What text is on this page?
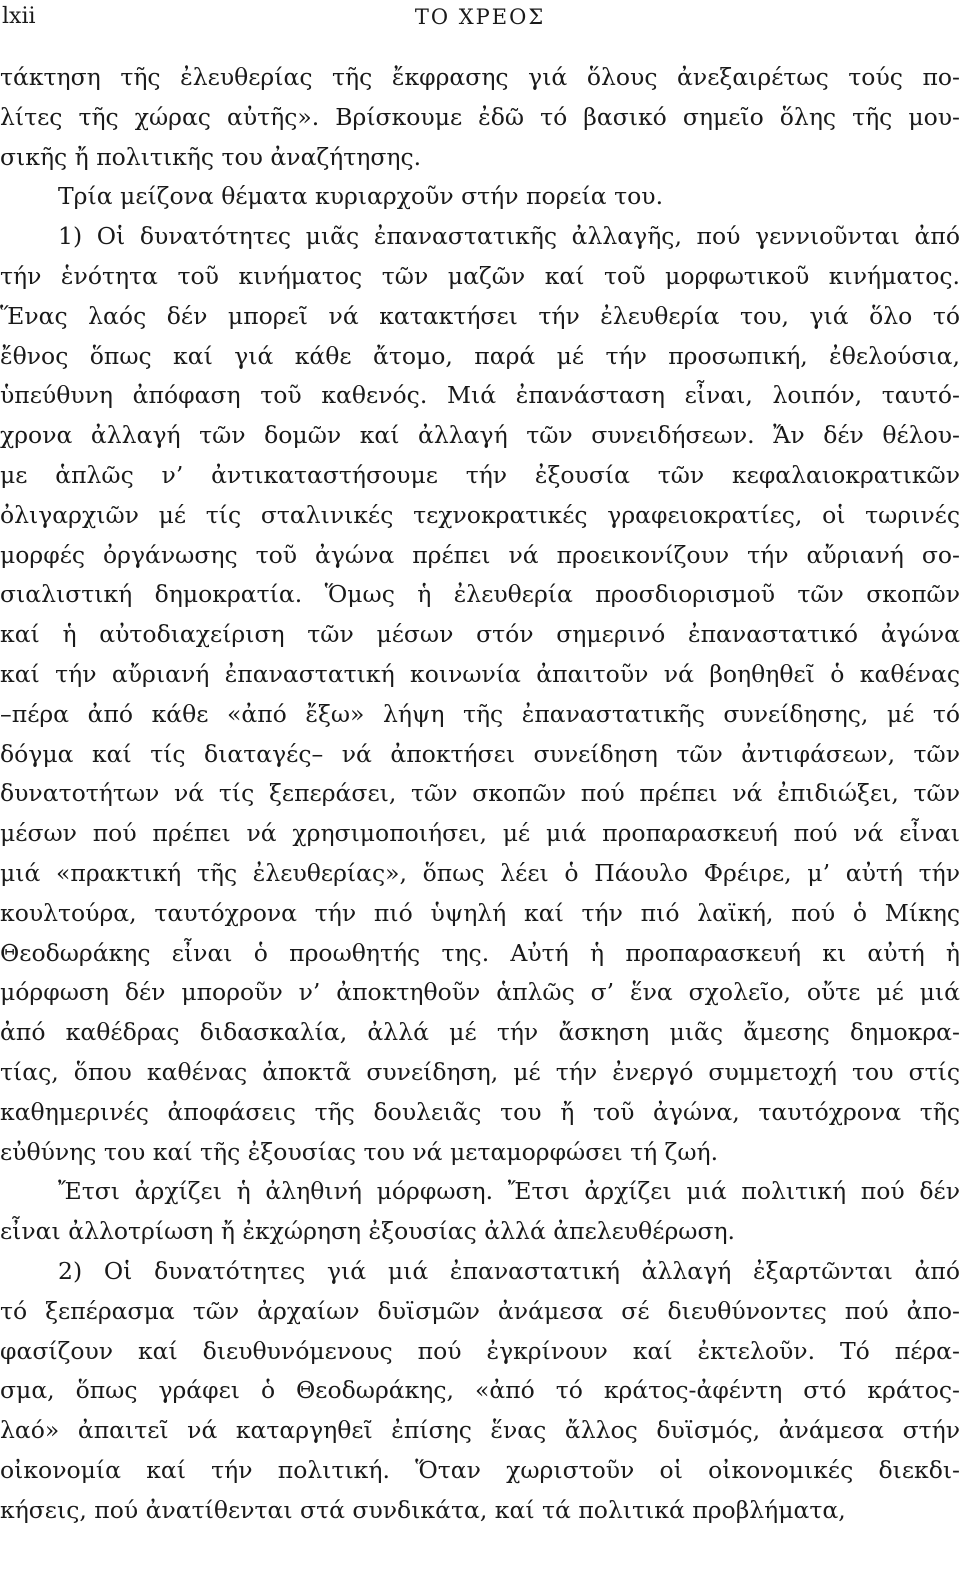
lxii	ΤΟ ΧΡΕΟΣ
τάκτηση τῆς ἐλευθερίας τῆς ἔκφρασης γιά ὅλους ἀνεξαιρέτως τούς πο-
λίτες τῆς χώρας αὐτῆς». Βρίσκουμε ἐδῶ τό βασικό σημεῖο ὅλης τῆς μου-
σικῆς ἤ πολιτικῆς του ἀναζήτησης.
Τρία μείζονα θέματα κυριαρχοῦν στήν πορεία του.
1) Οἱ δυνατότητες μιᾶς ἐπαναστατικῆς ἀλλαγῆς, πού γεννιοῦνται ἀπό
τήν ἑνότητα τοῦ κινήματος τῶν μαζῶν καί τοῦ μορφωτικοῦ κινήματος.
Ἕνας λαός δέν μπορεῖ νά κατακτήσει τήν ἐλευθερία του, γιά ὅλο τό
ἔθνος ὅπως καί γιά κάθε ἄτομο, παρά μέ τήν προσωπική, ἐθελούσια,
ὑπεύθυνη ἀπόφαση τοῦ καθενός. Μιά ἐπανάσταση εἶναι, λοιπόν, ταυτό-
χρονα ἀλλαγή τῶν δομῶν καί ἀλλαγή τῶν συνειδήσεων. Ἄν δέν θέλου-
με ἁπλῶς ν’ ἀντικαταστήσουμε τήν ἐξουσία τῶν κεφαλαιοκρατικῶν
ὀλιγαρχιῶν μέ τίς σταλινικές τεχνοκρατικές γραφειοκρατίες, οἱ τωρινές
μορφές ὀργάνωσης τοῦ ἀγώνα πρέπει νά προεικονίζουν τήν αὔριανή σο-
σιαλιστική δημοκρατία. Ὅμως ἡ ἐλευθερία προσδιορισμοῦ τῶν σκοπῶν
καί ἡ αὐτοδιαχείριση τῶν μέσων στόν σημερινό ἐπαναστατικό ἀγώνα
καί τήν αὔριανή ἐπαναστατική κοινωνία ἀπαιτοῦν νά βοηθηθεῖ ὁ καθένας
–πέρα ἀπό κάθε «ἀπό ἔξω» λήψη τῆς ἐπαναστατικῆς συνείδησης, μέ τό
δόγμα καί τίς διαταγές– νά ἀποκτήσει συνείδηση τῶν ἀντιφάσεων, τῶν
δυνατοτήτων νά τίς ξεπεράσει, τῶν σκοπῶν πού πρέπει νά ἐπιδιώξει, τῶν
μέσων πού πρέπει νά χρησιμοποιήσει, μέ μιά προπαρασκευή πού νά εἶναι
μιά «πρακτική τῆς ἐλευθερίας», ὅπως λέει ὁ Πάουλο Φρέιρε, μ’ αὐτή τήν
κουλτούρα, ταυτόχρονα τήν πιό ὑψηλή καί τήν πιό λαϊκή, πού ὁ Μίκης
Θεοδωράκης εἶναι ὁ προωθητής της. Αὐτή ἡ προπαρασκευή κι αὐτή ἡ
μόρφωση δέν μποροῦν ν’ ἀποκτηθοῦν ἁπλῶς σ’ ἕνα σχολεῖο, οὔτε μέ μιά
ἀπό καθέδρας διδασκαλία, ἀλλά μέ τήν ἄσκηση μιᾶς ἄμεσης δημοκρα-
τίας, ὅπου καθένας ἀποκτᾶ συνείδηση, μέ τήν ἐνεργό συμμετοχή του στίς
καθημερινές ἀποφάσεις τῆς δουλειᾶς του ἤ τοῦ ἀγώνα, ταυτόχρονα τῆς
εὐθύνης του καί τῆς ἐξουσίας του νά μεταμορφώσει τή ζωή.
Ἔτσι ἀρχίζει ἡ ἀληθινή μόρφωση. Ἔτσι ἀρχίζει μιά πολιτική πού δέν
εἶναι ἀλλοτρίωση ἤ ἐκχώρηση ἐξουσίας ἀλλά ἀπελευθέρωση.
2) Οἱ δυνατότητες γιά μιά ἐπαναστατική ἀλλαγή ἐξαρτῶνται ἀπό
τό ξεπέρασμα τῶν ἀρχαίων δυϊσμῶν ἀνάμεσα σέ διευθύνοντες πού ἀπο-
φασίζουν καί διευθυνόμενους πού ἐγκρίνουν καί ἐκτελοῦν. Τό πέρα-
σμα, ὅπως γράφει ὁ Θεοδωράκης, «ἀπό τό κράτος-ἀφέντη στό κράτος-
λαό» ἀπαιτεῖ νά καταργηθεῖ ἐπίσης ἕνας ἄλλος δυϊσμός, ἀνάμεσα στήν
οἰκονομία καί τήν πολιτική. Ὅταν χωριστοῦν οἱ οἰκονομικές διεκδι-
κήσεις, πού ἀνατίθενται στά συνδικάτα, καί τά πολιτικά προβλήματα,
